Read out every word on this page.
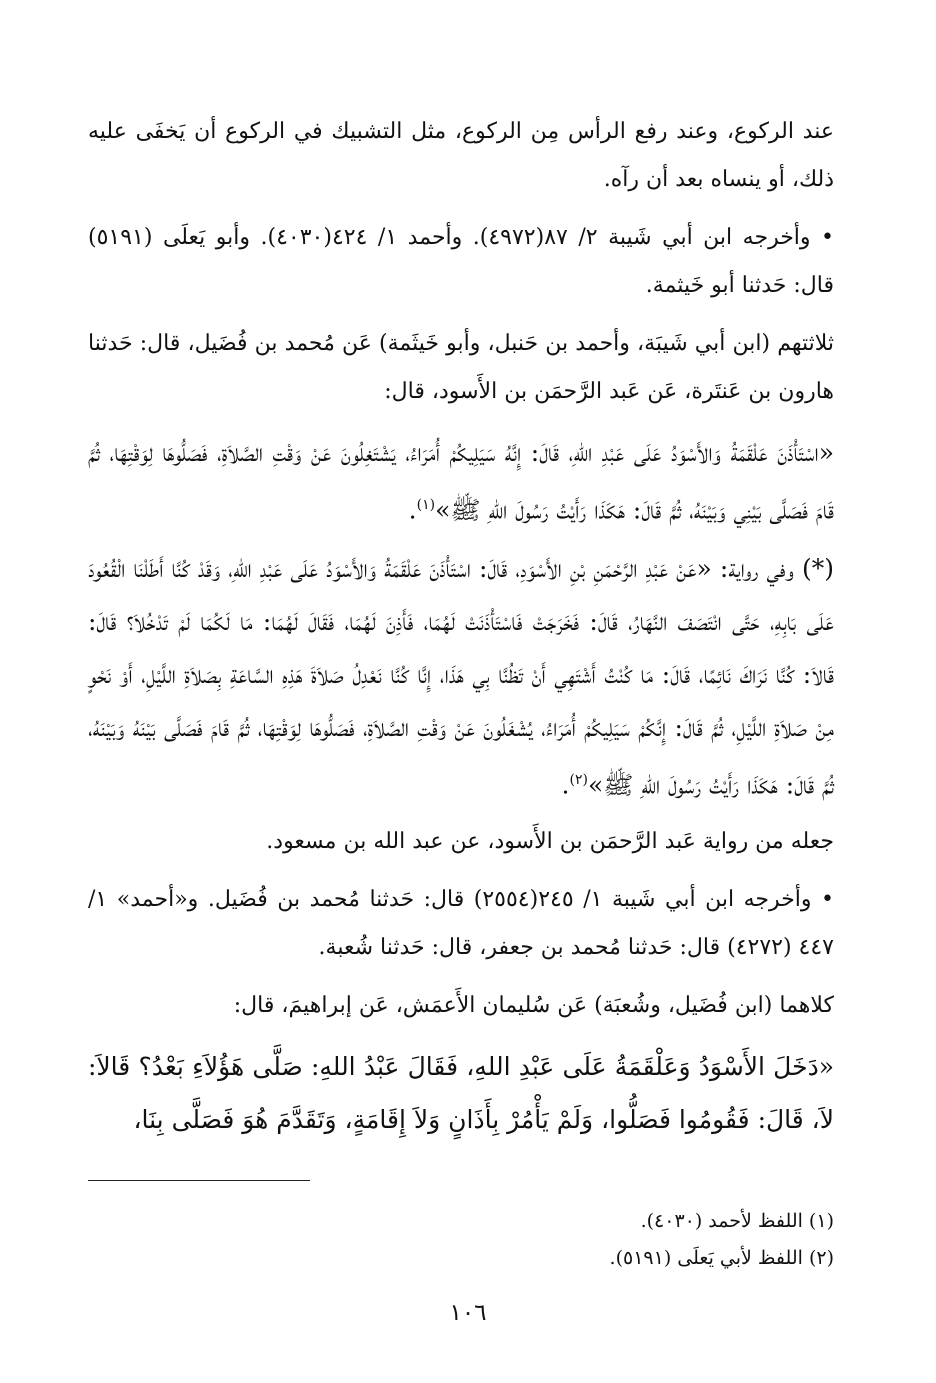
عند الركوع، وعند رفع الرأس مِن الركوع، مثل التشبيك في الركوع أن يَخفَى عليه ذلك، أو ينساه بعد أن رآه.

• وأخرجه ابن أبي شَيبة ٢/ ٨٧(٤٩٧٢). وأحمد ١/ ٤٢٤(٤٠٣٠). وأبو يَعلَى (٥١٩١) قال: حَدثنا أبو خَيثمة.

ثلاثتهم (ابن أبي شَيبَة، وأحمد بن حَنبل، وأبو خَيثَمة) عَن مُحمد بن فُضَيل، قال: حَدثنا هارون بن عَنتَرة، عَن عَبد الرَّحمَن بن الأَسود، قال:

«اسْتَأْذَنَ عَلْقَمَةُ وَالأَسْوَدُ عَلَى عَبْدِ اللهِ، قَالَ: إِنَّهُ سَيَلِيكُمْ أُمَرَاءُ، يَشْتَغِلُونَ عَنْ وَقْتِ الصَّلاَةِ، فَصَلُّوهَا لِوَقْتِهَا، ثُمَّ قَامَ فَصَلَّى بَيْنِي وَبَيْنَهُ، ثُمَّ قَالَ: هَكَذَا رَأَيْتُ رَسُولَ اللهِ ﷺ»$^{(١)}$.

(*) وفي رواية: «عَنْ عَبْدِ الرَّحْمَنِ بْنِ الأَسْوَدِ، قَالَ: اسْتَأْذَنَ عَلْقَمَةُ وَالأَسْوَدُ عَلَى عَبْدِ اللهِ، وَقَدْ كُنَّا أَطَلْنَا الْقُعُودَ عَلَى بَابِهِ، حَتَّى انْتَصَفَ النَّهَارُ، قَالَ: فَخَرَجَتْ فَاسْتَأْذَنَتْ لَهُمَا، فَأَذِنَ لَهُمَا، فَقَالَ لَهُمَا: مَا لَكُمَا لَمْ تَدْخُلاَ؟ قَالَ: قَالاَ: كُنَّا نَرَاكَ نَائِمًا، قَالَ: مَا كُنْتُ أَشْتَهِي أَنْ تَظُنَّا بِي هَذَا، إِنَّا كُنَّا نَعْدِلُ صَلاَةَ هَذِهِ السَّاعَةِ بِصَلاَةِ اللَّيْلِ، أَوْ نَحْوٍ مِنْ صَلاَةِ اللَّيْلِ، ثُمَّ قَالَ: إِنَّكُمْ سَيَلِيكُمْ أُمَرَاءُ، يُشْغَلُونَ عَنْ وَقْتِ الصَّلاَةِ، فَصَلُّوهَا لِوَقْتِهَا، ثُمَّ قَامَ فَصَلَّى بَيْنَهُ وَبَيْنَهُ، ثُمَّ قَالَ: هَكَذَا رَأَيْتُ رَسُولَ اللهِ ﷺ»$^{(٢)}$.

جعله من رواية عَبد الرَّحمَن بن الأَسود، عن عبد الله بن مسعود.

• وأخرجه ابن أبي شَيبة ١/ ٢٤٥(٢٥٥٤) قال: حَدثنا مُحمد بن فُضَيل. و«أحمد» ١/ ٤٤٧ (٤٢٧٢) قال: حَدثنا مُحمد بن جعفر، قال: حَدثنا شُعبة.

كلاهما (ابن فُضَيل، وشُعبَة) عَن سُليمان الأَعمَش، عَن إبراهيمَ، قال:

«دَخَلَ الأَسْوَدُ وَعَلْقَمَةُ عَلَى عَبْدِ اللهِ، فَقَالَ عَبْدُ اللهِ: صَلَّى هَؤُلاَءِ بَعْدُ؟ قَالاَ: لاَ، قَالَ: فَقُومُوا فَصَلُّوا، وَلَمْ يَأْمُرْ بِأَذَانٍ وَلاَ إِقَامَةٍ، وَتَقَدَّمَ هُوَ فَصَلَّى بِنَا،

(١) اللفظ لأحمد (٤٠٣٠).
(٢) اللفظ لأبي يَعلَى (٥١٩١).
١٠٦
